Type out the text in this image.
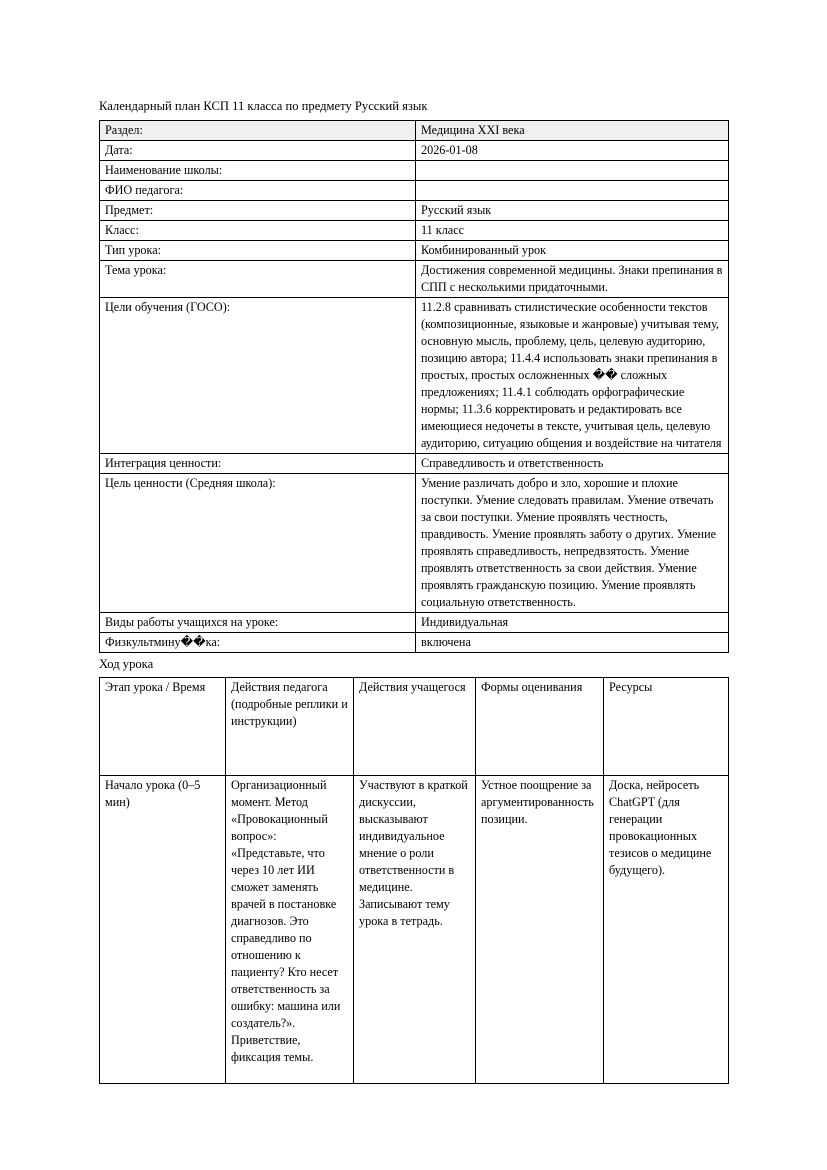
Календарный план КСП 11 класса по предмету Русский язык

Раздел:	Медицина XXI века

Дата:	2026-01-08

Наименование школы:	

ФИО педагога:	

Предмет:	Русский язык

Класс:	11 класс

Тип урока:	Комбинированный урок

Тема урока:	Достижения современной медицины. Знаки препинания в СПП с несколькими придаточными.

Цели обучения (ГОСО):	11.2.8 сравнивать стилистические особенности текстов (композиционные, языковые и жанровые) учитывая тему, основную мысль, проблему, цель, целевую аудиторию, позицию автора; 11.4.4 использовать знаки препинания в простых, простых осложненных �� сложных предложениях; 11.4.1 соблюдать орфографические нормы; 11.3.6 корректировать и редактировать все имеющиеся недочеты в тексте, учитывая цель, целевую аудиторию, ситуацию общения и воздействие на читателя

Интеграция ценности:	Справедливость и ответственность

Цель ценности (Средняя школа):	Умение различать добро и зло, хорошие и плохие поступки. Умение следовать правилам. Умение отвечать за свои поступки. Умение проявлять честность, правдивость. Умение проявлять заботу о других. Умение проявлять справедливость, непредвзятость. Умение проявлять ответственность за свои действия. Умение проявлять гражданскую позицию. Умение проявлять социальную ответственность.

Виды работы учащихся на уроке:	Индивидуальная

Физкультмину��ка:	включена

Ход урока

Этап урока / Время	Действия педагога (подробные реплики и инструкции)	Действия учащегося	Формы оценивания	Ресурсы

Начало урока (0–5 мин)	Организационный момент. Метод «Провокационный вопрос»: «Представьте, что через 10 лет ИИ сможет заменять врачей в постановке диагнозов. Это справедливо по отношению к пациенту? Кто несет ответственность за ошибку: машина или создатель?». Приветствие, фиксация темы.	Участвуют в краткой дискуссии, высказывают индивидуальное мнение о роли ответственности в медицине. Записывают тему урока в тетрадь.	Устное поощрение за аргументированность позиции.	Доска, нейросеть ChatGPT (для генерации провокационных тезисов о медицине будущего).
